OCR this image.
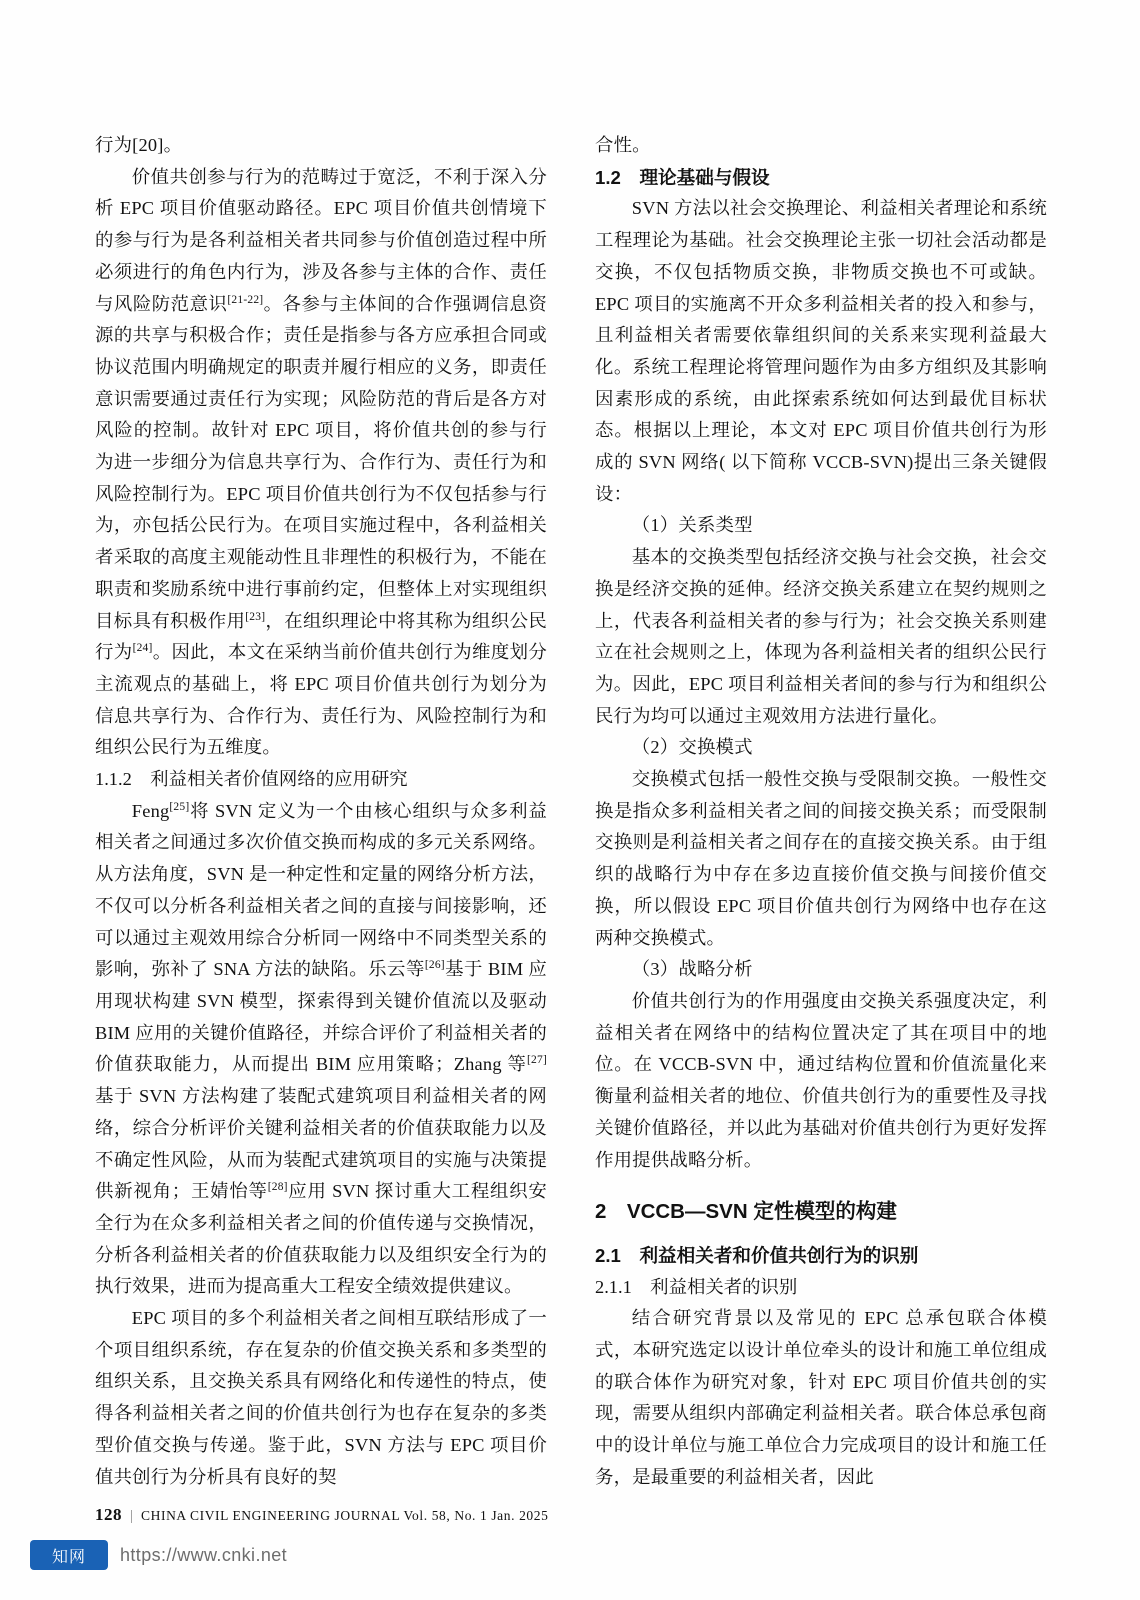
行为[20]。

价值共创参与行为的范畴过于宽泛，不利于深入分析 EPC 项目价值驱动路径。EPC 项目价值共创情境下的参与行为是各利益相关者共同参与价值创造过程中所必须进行的角色内行为，涉及各参与主体的合作、责任与风险防范意识[21-22]。各参与主体间的合作强调信息资源的共享与积极合作；责任是指参与各方应承担合同或协议范围内明确规定的职责并履行相应的义务，即责任意识需要通过责任行为实现；风险防范的背后是各方对风险的控制。故针对 EPC 项目，将价值共创的参与行为进一步细分为信息共享行为、合作行为、责任行为和风险控制行为。EPC 项目价值共创行为不仅包括参与行为，亦包括公民行为。在项目实施过程中，各利益相关者采取的高度主观能动性且非理性的积极行为，不能在职责和奖励系统中进行事前约定，但整体上对实现组织目标具有积极作用[23]，在组织理论中将其称为组织公民行为[24]。因此，本文在采纳当前价值共创行为维度划分主流观点的基础上，将 EPC 项目价值共创行为划分为信息共享行为、合作行为、责任行为、风险控制行为和组织公民行为五维度。

1.1.2　利益相关者价值网络的应用研究

Feng[25]将 SVN 定义为一个由核心组织与众多利益相关者之间通过多次价值交换而构成的多元关系网络。从方法角度，SVN 是一种定性和定量的网络分析方法，不仅可以分析各利益相关者之间的直接与间接影响，还可以通过主观效用综合分析同一网络中不同类型关系的影响，弥补了 SNA 方法的缺陷。乐云等[26]基于 BIM 应用现状构建 SVN 模型，探索得到关键价值流以及驱动 BIM 应用的关键价值路径，并综合评价了利益相关者的价值获取能力，从而提出 BIM 应用策略；Zhang 等[27]基于 SVN 方法构建了装配式建筑项目利益相关者的网络，综合分析评价关键利益相关者的价值获取能力以及不确定性风险，从而为装配式建筑项目的实施与决策提供新视角；王婧怡等[28]应用 SVN 探讨重大工程组织安全行为在众多利益相关者之间的价值传递与交换情况，分析各利益相关者的价值获取能力以及组织安全行为的执行效果，进而为提高重大工程安全绩效提供建议。

EPC 项目的多个利益相关者之间相互联结形成了一个项目组织系统，存在复杂的价值交换关系和多类型的组织关系，且交换关系具有网络化和传递性的特点，使得各利益相关者之间的价值共创行为也存在复杂的多类型价值交换与传递。鉴于此，SVN 方法与 EPC 项目价值共创行为分析具有良好的契

合性。

1.2　理论基础与假设

SVN 方法以社会交换理论、利益相关者理论和系统工程理论为基础。社会交换理论主张一切社会活动都是交换，不仅包括物质交换，非物质交换也不可或缺。EPC 项目的实施离不开众多利益相关者的投入和参与，且利益相关者需要依靠组织间的关系来实现利益最大化。系统工程理论将管理问题作为由多方组织及其影响因素形成的系统，由此探索系统如何达到最优目标状态。根据以上理论，本文对 EPC 项目价值共创行为形成的 SVN 网络( 以下简称 VCCB-SVN)提出三条关键假设：

（1）关系类型

基本的交换类型包括经济交换与社会交换，社会交换是经济交换的延伸。经济交换关系建立在契约规则之上，代表各利益相关者的参与行为；社会交换关系则建立在社会规则之上，体现为各利益相关者的组织公民行为。因此，EPC 项目利益相关者间的参与行为和组织公民行为均可以通过主观效用方法进行量化。

（2）交换模式

交换模式包括一般性交换与受限制交换。一般性交换是指众多利益相关者之间的间接交换关系；而受限制交换则是利益相关者之间存在的直接交换关系。由于组织的战略行为中存在多边直接价值交换与间接价值交换，所以假设 EPC 项目价值共创行为网络中也存在这两种交换模式。

（3）战略分析

价值共创行为的作用强度由交换关系强度决定，利益相关者在网络中的结构位置决定了其在项目中的地位。在 VCCB-SVN 中，通过结构位置和价值流量化来衡量利益相关者的地位、价值共创行为的重要性及寻找关键价值路径，并以此为基础对价值共创行为更好发挥作用提供战略分析。

2　VCCB—SVN 定性模型的构建
2.1　利益相关者和价值共创行为的识别
2.1.1　利益相关者的识别

结合研究背景以及常见的 EPC 总承包联合体模式，本研究选定以设计单位牵头的设计和施工单位组成的联合体作为研究对象，针对 EPC 项目价值共创的实现，需要从组织内部确定利益相关者。联合体总承包商中的设计单位与施工单位合力完成项目的设计和施工任务，是最重要的利益相关者，因此

128 | CHINA CIVIL ENGINEERING JOURNAL Vol. 58, No. 1 Jan. 2025
知网	https://www.cnki.net
